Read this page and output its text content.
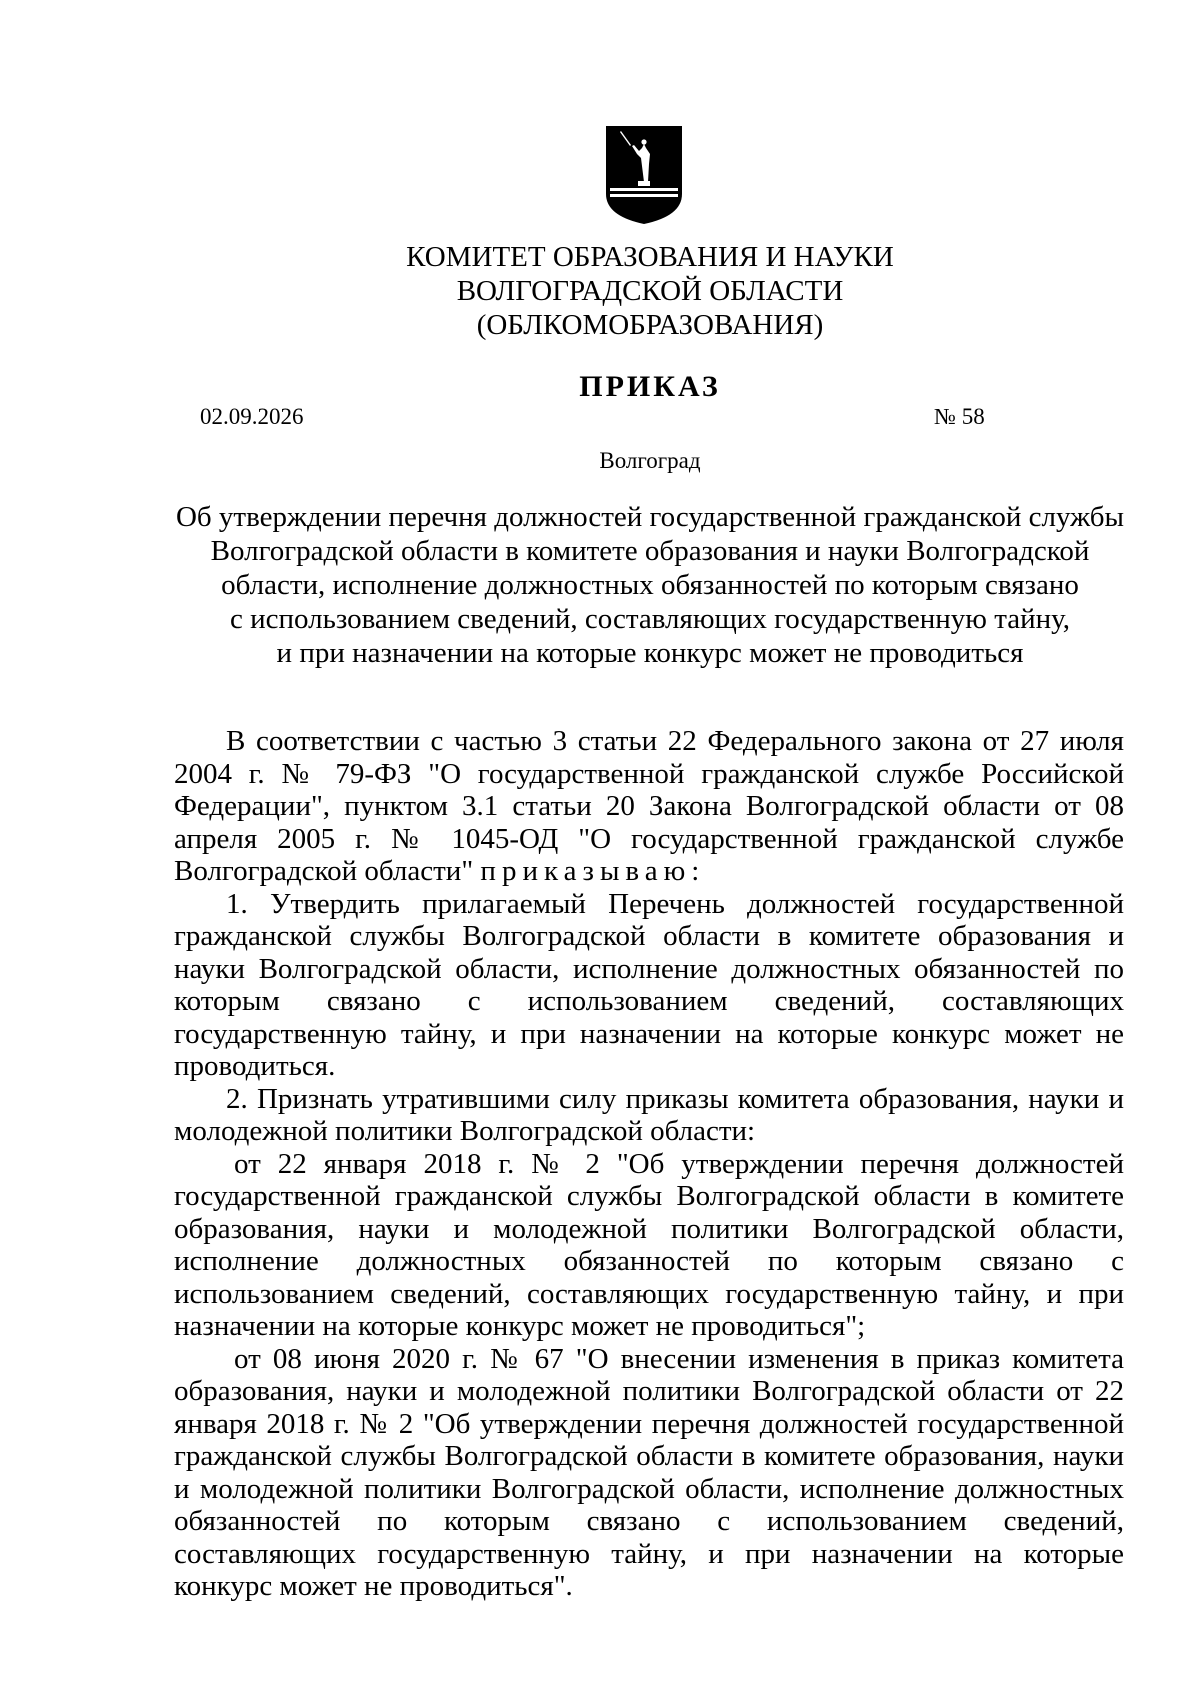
КОМИТЕТ ОБРАЗОВАНИЯ И НАУКИ
ВОЛГОГРАДСКОЙ ОБЛАСТИ
(ОБЛКОМОБРАЗОВАНИЯ)
ПРИКАЗ
02.09.2026	№ 58
Волгоград
Об утверждении перечня должностей государственной гражданской службы
Волгоградской области в комитете образования и науки Волгоградской
области, исполнение должностных обязанностей по которым связано
с использованием сведений, составляющих государственную тайну,
и при назначении на которые конкурс может не проводиться

В соответствии с частью 3 статьи 22 Федерального закона от 27 июля 2004 г. № 79-ФЗ "О государственной гражданской службе Российской Федерации", пунктом 3.1 статьи 20 Закона Волгоградской области от 08 апреля 2005 г. № 1045-ОД "О государственной гражданской службе Волгоградской области" приказываю:

1. Утвердить прилагаемый Перечень должностей государственной гражданской службы Волгоградской области в комитете образования и науки Волгоградской области, исполнение должностных обязанностей по которым связано с использованием сведений, составляющих государственную тайну, и при назначении на которые конкурс может не проводиться.

2. Признать утратившими силу приказы комитета образования, науки и молодежной политики Волгоградской области:

от 22 января 2018 г. № 2 "Об утверждении перечня должностей государственной гражданской службы Волгоградской области в комитете образования, науки и молодежной политики Волгоградской области, исполнение должностных обязанностей по которым связано с использованием сведений, составляющих государственную тайну, и при назначении на которые конкурс может не проводиться";

от 08 июня 2020 г. № 67 "О внесении изменения в приказ комитета образования, науки и молодежной политики Волгоградской области от 22 января 2018 г. № 2 "Об утверждении перечня должностей государственной гражданской службы Волгоградской области в комитете образования, науки и молодежной политики Волгоградской области, исполнение должностных обязанностей по которым связано с использованием сведений, составляющих государственную тайну, и при назначении на которые конкурс может не проводиться".
